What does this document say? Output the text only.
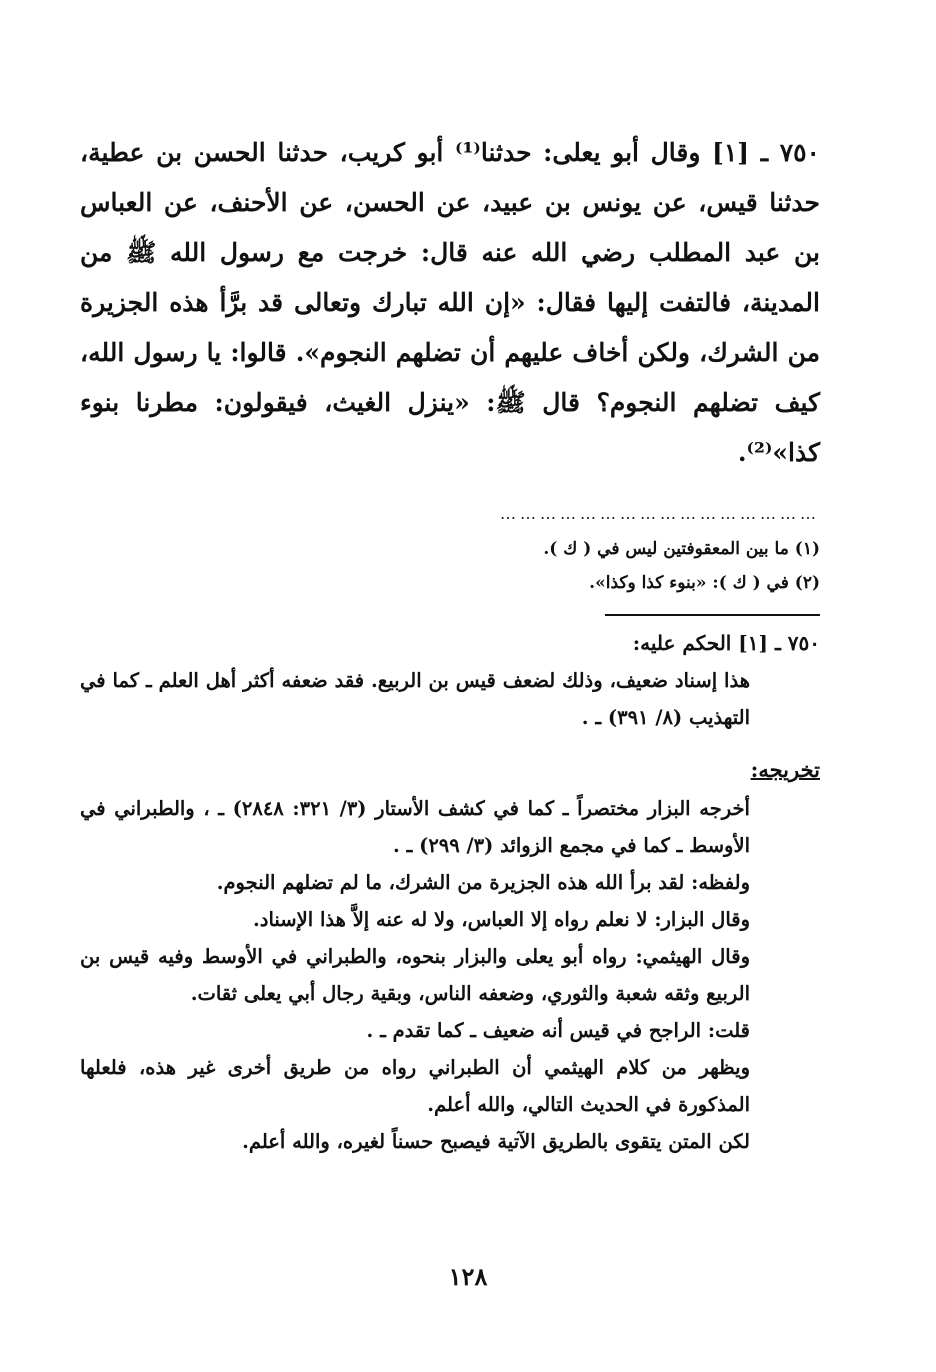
٧٥٠ ـ [١] وقال أبو يعلى: حدثنا⁽¹⁾ أبو كريب، حدثنا الحسن بن عطية، حدثنا قيس، عن يونس بن عبيد، عن الحسن، عن الأحنف، عن العباس بن عبد المطلب رضي الله عنه قال: خرجت مع رسول الله ﷺ من المدينة، فالتفت إليها فقال: «إن الله تبارك وتعالى قد برَّأ هذه الجزيرة من الشرك، ولكن أخاف عليهم أن تضلهم النجوم». قالوا: يا رسول الله، كيف تضلهم النجوم؟ قال ﷺ: «ينزل الغيث، فيقولون: مطرنا بنوء كذا»⁽²⁾.

…………………………………………
(١) ما بين المعقوفتين ليس في ( ك ).
(٢) في ( ك ): «بنوء كذا وكذا».
٧٥٠ ـ [١] الحكم عليه:

هذا إسناد ضعيف، وذلك لضعف قيس بن الربيع. فقد ضعفه أكثر أهل العلم ـ كما في التهذيب (٨/ ٣٩١) ـ .

تخريجه:

أخرجه البزار مختصراً ـ كما في كشف الأستار (٣/ ٣٢١: ٢٨٤٨) ـ ، والطبراني في الأوسط ـ كما في مجمع الزوائد (٣/ ٢٩٩) ـ .

ولفظه: لقد برأ الله هذه الجزيرة من الشرك، ما لم تضلهم النجوم.

وقال البزار: لا نعلم رواه إلا العباس، ولا له عنه إلاَّ هذا الإسناد.

وقال الهيثمي: رواه أبو يعلى والبزار بنحوه، والطبراني في الأوسط وفيه قيس بن الربيع وثقه شعبة والثوري، وضعفه الناس، وبقية رجال أبي يعلى ثقات.

قلت: الراجح في قيس أنه ضعيف ـ كما تقدم ـ .

ويظهر من كلام الهيثمي أن الطبراني رواه من طريق أخرى غير هذه، فلعلها المذكورة في الحديث التالي، والله أعلم.

لكن المتن يتقوى بالطريق الآتية فيصبح حسناً لغيره، والله أعلم.

١٢٨
